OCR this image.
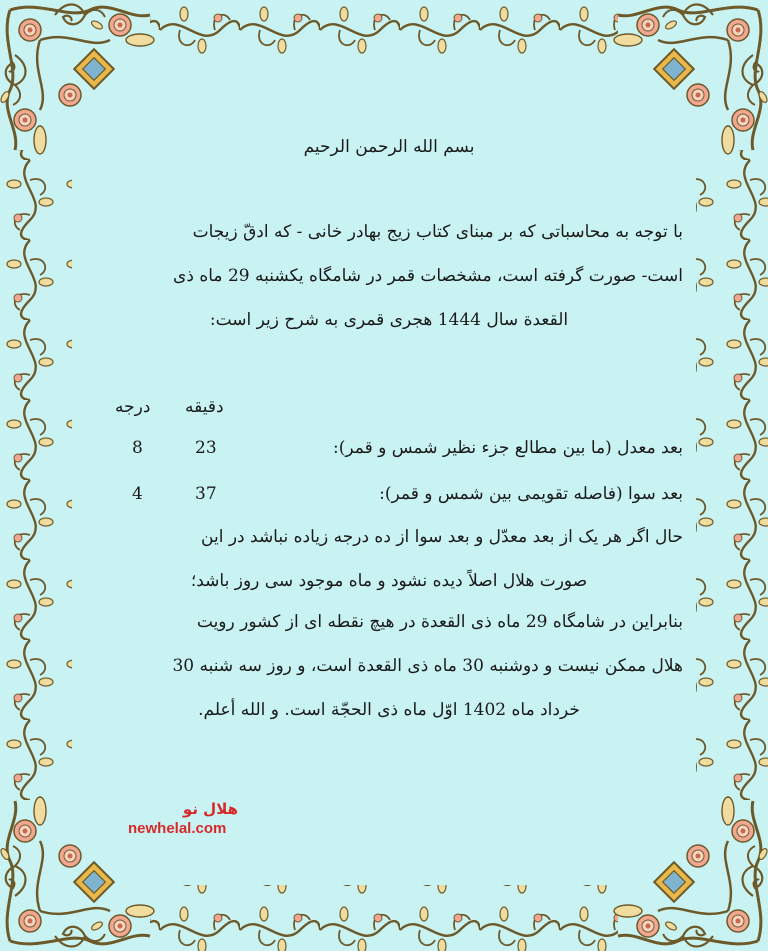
بسم الله الرحمن الرحیم
با توجه به محاسباتی که بر مبنای کتاب زیج بهادر خانی - که ادقّ زیجات
است- صورت گرفته است، مشخصات قمر در شامگاه یکشنبه 29 ماه ذی
القعدة سال 1444 هجری قمری به شرح زیر است:
درجه دقیقه
بعد معدل (ما بین مطالع جزء نظیر شمس و قمر):
23
8
بعد سوا (فاصله تقویمی بین شمس و قمر):
37
4
حال اگر هر یک از بعد معدّل و بعد سوا از ده درجه زیاده نباشد در این
صورت هلال اصلاً دیده نشود و ماه موجود سی روز باشد؛
بنابراین در شامگاه 29 ماه ذی القعدة در هیچ نقطه ای از کشور رویت
هلال ممکن نیست و دوشنبه 30 ماه ذی القعدة است، و روز سه شنبه 30
خرداد ماه 1402 اوّل ماه ذی الحجّة است. و الله أعلم.
هلال نو
newhelal.com
